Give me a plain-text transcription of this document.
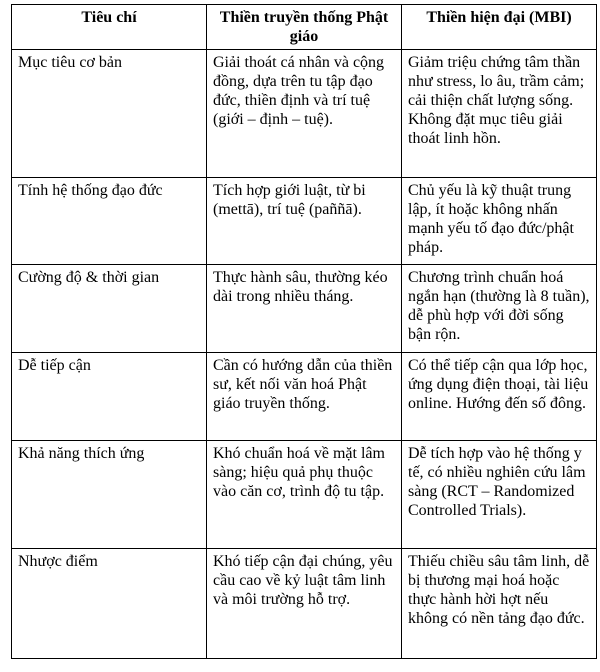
Tiêu chí	Thiền truyền thống Phật giáo	Thiền hiện đại (MBI)
Mục tiêu cơ bản	Giải thoát cá nhân và cộng đồng, dựa trên tu tập đạo đức, thiền định và trí tuệ (giới – định – tuệ).	Giảm triệu chứng tâm thần như stress, lo âu, trầm cảm; cải thiện chất lượng sống. Không đặt mục tiêu giải thoát linh hồn.
Tính hệ thống đạo đức	Tích hợp giới luật, từ bi (mettā), trí tuệ (paññā).	Chủ yếu là kỹ thuật trung lập, ít hoặc không nhấn mạnh yếu tố đạo đức/phật pháp.
Cường độ & thời gian	Thực hành sâu, thường kéo dài trong nhiều tháng.	Chương trình chuẩn hoá ngắn hạn (thường là 8 tuần), dễ phù hợp với đời sống bận rộn.
Dễ tiếp cận	Cần có hướng dẫn của thiền sư, kết nối văn hoá Phật giáo truyền thống.	Có thể tiếp cận qua lớp học, ứng dụng điện thoại, tài liệu online. Hướng đến số đông.
Khả năng thích ứng	Khó chuẩn hoá về mặt lâm sàng; hiệu quả phụ thuộc vào căn cơ, trình độ tu tập.	Dễ tích hợp vào hệ thống y tế, có nhiều nghiên cứu lâm sàng (RCT – Randomized Controlled Trials).
Nhược điểm	Khó tiếp cận đại chúng, yêu cầu cao về kỷ luật tâm linh và môi trường hỗ trợ.	Thiếu chiều sâu tâm linh, dễ bị thương mại hoá hoặc thực hành hời hợt nếu không có nền tảng đạo đức.
